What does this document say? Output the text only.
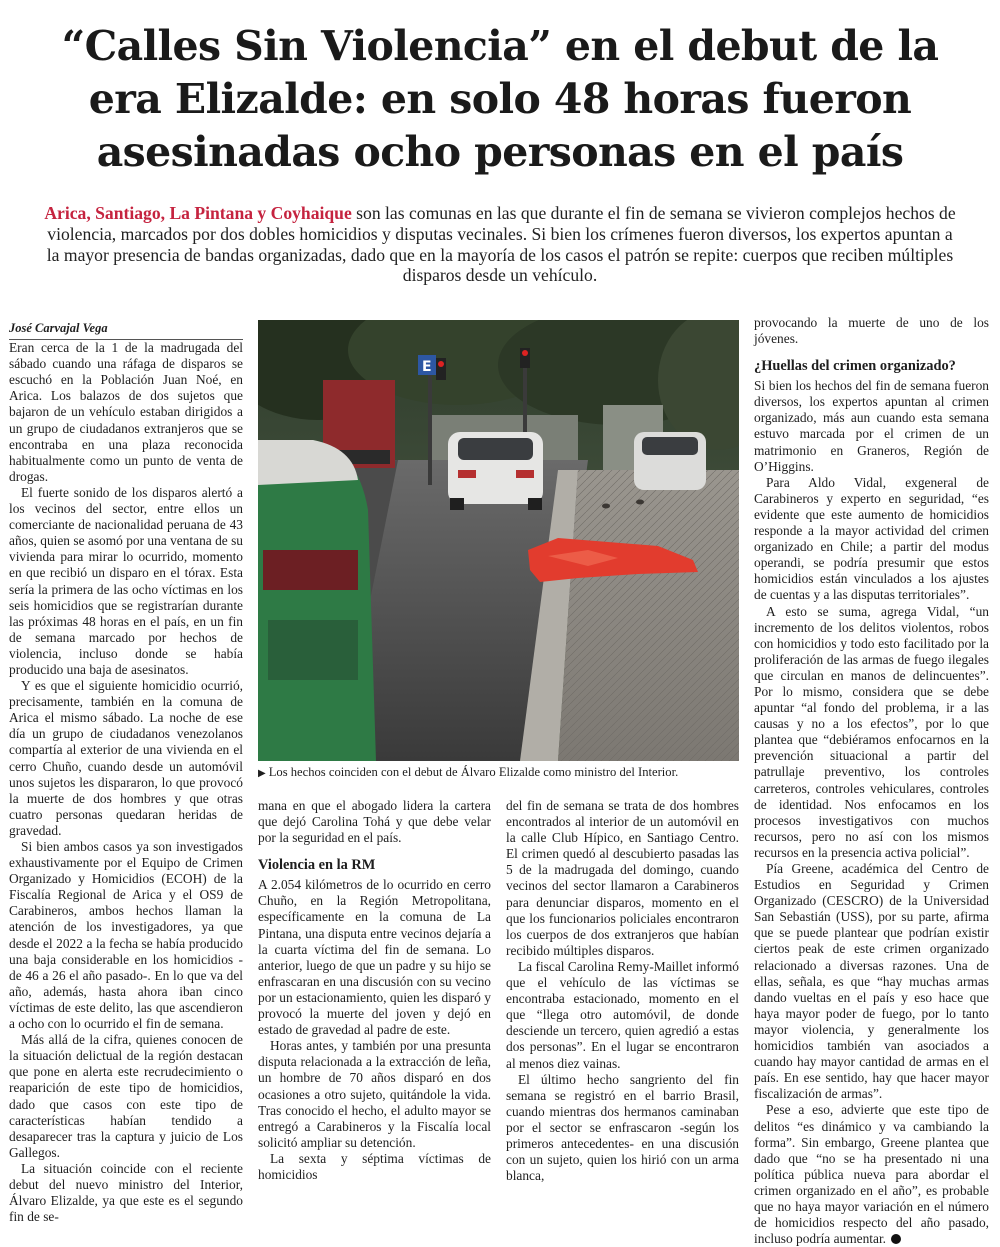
“Calles Sin Violencia” en el debut de la era Elizalde: en solo 48 horas fueron asesinadas ocho personas en el país

Arica, Santiago, La Pintana y Coyhaique son las comunas en las que durante el fin de semana se vivieron complejos hechos de violencia, marcados por dos dobles homicidios y disputas vecinales. Si bien los crímenes fueron diversos, los expertos apuntan a la mayor presencia de bandas organizadas, dado que en la mayoría de los casos el patrón se repite: cuerpos que reciben múltiples disparos desde un vehículo.

José Carvajal Vega

Eran cerca de la 1 de la madrugada del sábado cuando una ráfaga de disparos se escuchó en la Población Juan Noé, en Arica. Los balazos de dos sujetos que bajaron de un vehículo estaban dirigidos a un grupo de ciudadanos extranjeros que se encontraba en una plaza reconocida habitualmente como un punto de venta de drogas.

El fuerte sonido de los disparos alertó a los vecinos del sector, entre ellos un comerciante de nacionalidad peruana de 43 años, quien se asomó por una ventana de su vivienda para mirar lo ocurrido, momento en que recibió un disparo en el tórax. Esta sería la primera de las ocho víctimas en los seis homicidios que se registrarían durante las próximas 48 horas en el país, en un fin de semana marcado por hechos de violencia, incluso donde se había producido una baja de asesinatos.

Y es que el siguiente homicidio ocurrió, precisamente, también en la comuna de Arica el mismo sábado. La noche de ese día un grupo de ciudadanos venezolanos compartía al exterior de una vivienda en el cerro Chuño, cuando desde un automóvil unos sujetos les dispararon, lo que provocó la muerte de dos hombres y que otras cuatro personas quedaran heridas de gravedad.

Si bien ambos casos ya son investigados exhaustivamente por el Equipo de Crimen Organizado y Homicidios (ECOH) de la Fiscalía Regional de Arica y el OS9 de Carabineros, ambos hechos llaman la atención de los investigadores, ya que desde el 2022 a la fecha se había producido una baja considerable en los homicidios -de 46 a 26 el año pasado-. En lo que va del año, además, hasta ahora iban cinco víctimas de este delito, las que ascendieron a ocho con lo ocurrido el fin de semana.

Más allá de la cifra, quienes conocen de la situación delictual de la región destacan que pone en alerta este recrudecimiento o reaparición de este tipo de homicidios, dado que casos con este tipo de características habían tendido a desaparecer tras la captura y juicio de Los Gallegos.

La situación coincide con el reciente debut del nuevo ministro del Interior, Álvaro Elizalde, ya que este es el segundo fin de se-

E
▶ Los hechos coinciden con el debut de Álvaro Elizalde como ministro del Interior.

mana en que el abogado lidera la cartera que dejó Carolina Tohá y que debe velar por la seguridad en el país.

Violencia en la RM

A 2.054 kilómetros de lo ocurrido en cerro Chuño, en la Región Metropolitana, específicamente en la comuna de La Pintana, una disputa entre vecinos dejaría a la cuarta víctima del fin de semana. Lo anterior, luego de que un padre y su hijo se enfrascaran en una discusión con su vecino por un estacionamiento, quien les disparó y provocó la muerte del joven y dejó en estado de gravedad al padre de este.

Horas antes, y también por una presunta disputa relacionada a la extracción de leña, un hombre de 70 años disparó en dos ocasiones a otro sujeto, quitándole la vida. Tras conocido el hecho, el adulto mayor se entregó a Carabineros y la Fiscalía local solicitó ampliar su detención.

La sexta y séptima víctimas de homicidios

del fin de semana se trata de dos hombres encontrados al interior de un automóvil en la calle Club Hípico, en Santiago Centro. El crimen quedó al descubierto pasadas las 5 de la madrugada del domingo, cuando vecinos del sector llamaron a Carabineros para denunciar disparos, momento en el que los funcionarios policiales encontraron los cuerpos de dos extranjeros que habían recibido múltiples disparos.

La fiscal Carolina Remy-Maillet informó que el vehículo de las víctimas se encontraba estacionado, momento en el que “llega otro automóvil, de donde desciende un tercero, quien agredió a estas dos personas”. En el lugar se encontraron al menos diez vainas.

El último hecho sangriento del fin semana se registró en el barrio Brasil, cuando mientras dos hermanos caminaban por el sector se enfrascaron -según los primeros antecedentes- en una discusión con un sujeto, quien los hirió con un arma blanca,

provocando la muerte de uno de los jóvenes.

¿Huellas del crimen organizado?

Si bien los hechos del fin de semana fueron diversos, los expertos apuntan al crimen organizado, más aun cuando esta semana estuvo marcada por el crimen de un matrimonio en Graneros, Región de O’Higgins.

Para Aldo Vidal, exgeneral de Carabineros y experto en seguridad, “es evidente que este aumento de homicidios responde a la mayor actividad del crimen organizado en Chile; a partir del modus operandi, se podría presumir que estos homicidios están vinculados a los ajustes de cuentas y a las disputas territoriales”.

A esto se suma, agrega Vidal, “un incremento de los delitos violentos, robos con homicidios y todo esto facilitado por la proliferación de las armas de fuego ilegales que circulan en manos de delincuentes”. Por lo mismo, considera que se debe apuntar “al fondo del problema, ir a las causas y no a los efectos”, por lo que plantea que “debiéramos enfocarnos en la prevención situacional a partir del patrullaje preventivo, los controles carreteros, controles vehiculares, controles de identidad. Nos enfocamos en los procesos investigativos con muchos recursos, pero no así con los mismos recursos en la presencia activa policial”.

Pía Greene, académica del Centro de Estudios en Seguridad y Crimen Organizado (CESCRO) de la Universidad San Sebastián (USS), por su parte, afirma que se puede plantear que podrían existir ciertos peak de este crimen organizado relacionado a diversas razones. Una de ellas, señala, es que “hay muchas armas dando vueltas en el país y eso hace que haya mayor poder de fuego, por lo tanto mayor violencia, y generalmente los homicidios también van asociados a cuando hay mayor cantidad de armas en el país. En ese sentido, hay que hacer mayor fiscalización de armas”.

Pese a eso, advierte que este tipo de delitos “es dinámico y va cambiando la forma”. Sin embargo, Greene plantea que dado que “no se ha presentado ni una política pública nueva para abordar el crimen organizado en el año”, es probable que no haya mayor variación en el número de homicidios respecto del año pasado, incluso podría aumentar.
